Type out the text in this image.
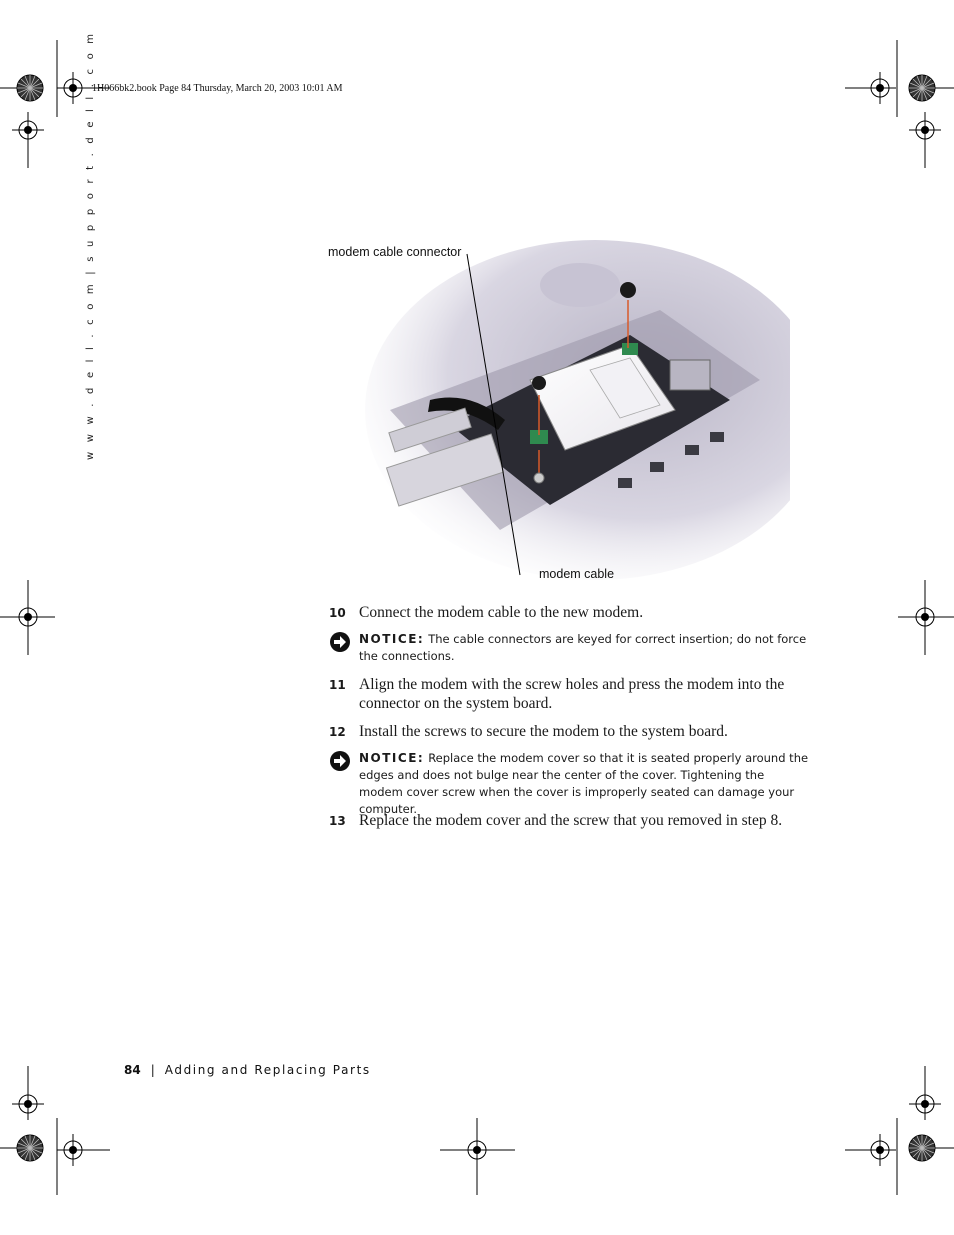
1H066bk2.book Page 84 Thursday, March 20, 2003 10:01 AM
w w w . d e l l . c o m | s u p p o r t . d e l l . c o m	modem cable connector
modem cable
10 Connect the modem cable to the new modem.
NOTICE: The cable connectors are keyed for correct insertion; do not force the connections.
11 Align the modem with the screw holes and press the modem into the connector on the system board.
12 Install the screws to secure the modem to the system board.
NOTICE: Replace the modem cover so that it is seated properly around the edges and does not bulge near the center of the cover. Tightening the modem cover screw when the cover is improperly seated can damage your computer.
13 Replace the modem cover and the screw that you removed in step 8.
84 | Adding and Replacing Parts
